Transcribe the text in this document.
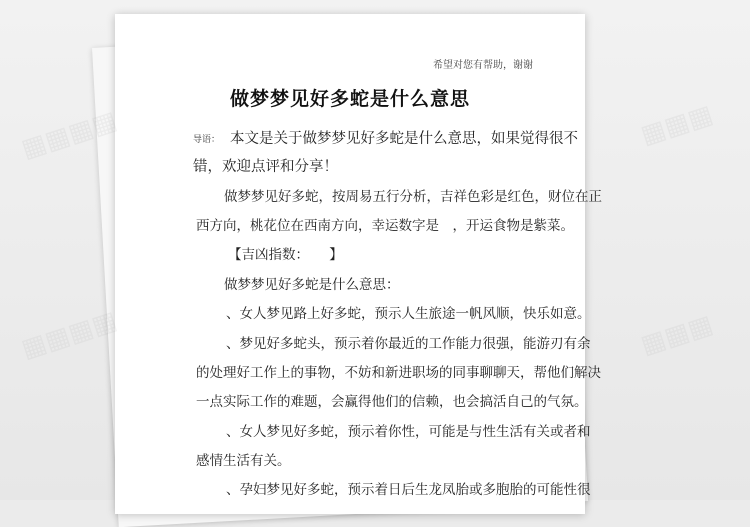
希望对您有帮助，谢谢
做梦梦见好多蛇是什么意思
导语： 本文是关于做梦梦见好多蛇是什么意思，如果觉得很不
错，欢迎点评和分享！
做梦梦见好多蛇，按周易五行分析，吉祥色彩是红色，财位在正
西方向，桃花位在西南方向，幸运数字是　，开运食物是紫菜。
【吉凶指数：　　】
做梦梦见好多蛇是什么意思：
、女人梦见路上好多蛇，预示人生旅途一帆风顺，快乐如意。
、梦见好多蛇头，预示着你最近的工作能力很强，能游刃有余
的处理好工作上的事物，不妨和新进职场的同事聊聊天，帮他们解决
一点实际工作的难题，会赢得他们的信赖，也会搞活自己的气氛。
、女人梦见好多蛇，预示着你性，可能是与性生活有关或者和
感情生活有关。
、孕妇梦见好多蛇，预示着日后生龙凤胎或多胞胎的可能性很
